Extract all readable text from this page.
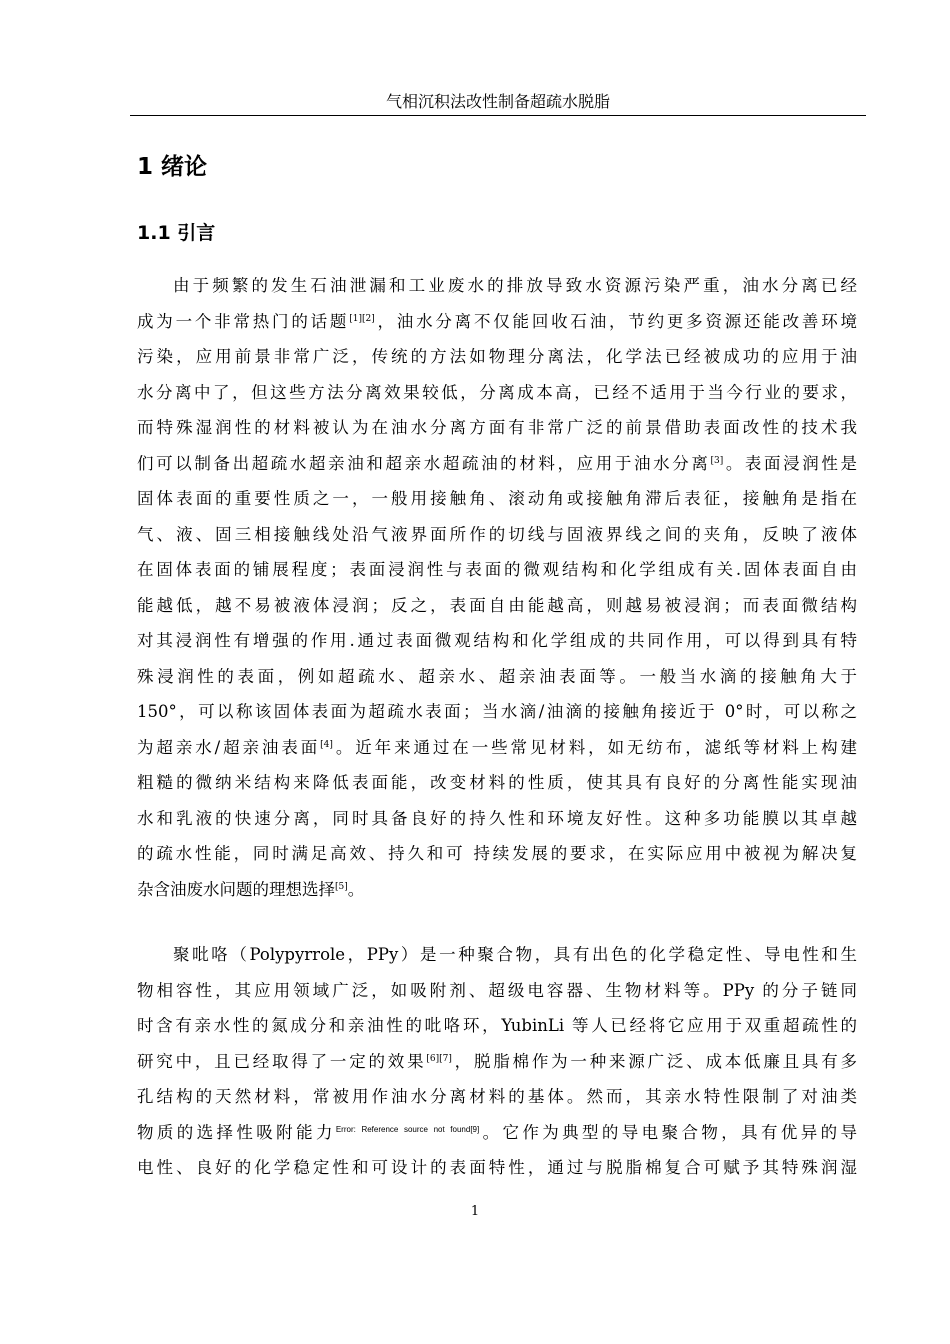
气相沉积法改性制备超疏水脱脂
1 绪论
1.1 引言
由于频繁的发生石油泄漏和工业废水的排放导致水资源污染严重，油水分离已经
成为一个非常热门的话题[1][2]，油水分离不仅能回收石油，节约更多资源还能改善环境
污染，应用前景非常广泛，传统的方法如物理分离法，化学法已经被成功的应用于油
水分离中了，但这些方法分离效果较低，分离成本高，已经不适用于当今行业的要求，
而特殊湿润性的材料被认为在油水分离方面有非常广泛的前景借助表面改性的技术我
们可以制备出超疏水超亲油和超亲水超疏油的材料，应用于油水分离[3]。表面浸润性是
固体表面的重要性质之一，一般用接触角、滚动角或接触角滞后表征，接触角是指在
气、液、固三相接触线处沿气液界面所作的切线与固液界线之间的夹角，反映了液体
在固体表面的铺展程度；表面浸润性与表面的微观结构和化学组成有关.固体表面自由
能越低，越不易被液体浸润；反之，表面自由能越高，则越易被浸润；而表面微结构
对其浸润性有增强的作用.通过表面微观结构和化学组成的共同作用，可以得到具有特
殊浸润性的表面，例如超疏水、超亲水、超亲油表面等。一般当水滴的接触角大于
150°，可以称该固体表面为超疏水表面；当水滴/油滴的接触角接近于 0°时，可以称之
为超亲水/超亲油表面[4]。近年来通过在一些常见材料，如无纺布，滤纸等材料上构建
粗糙的微纳米结构来降低表面能，改变材料的性质，使其具有良好的分离性能实现油
水和乳液的快速分离，同时具备良好的持久性和环境友好性。这种多功能膜以其卓越
的疏水性能，同时满足高效、持久和可 持续发展的要求，在实际应用中被视为解决复
杂含油废水问题的理想选择[5]。
聚吡咯（Polypyrrole，PPy）是一种聚合物，具有出色的化学稳定性、导电性和生
物相容性，其应用领域广泛，如吸附剂、超级电容器、生物材料等。PPy 的分子链同
时含有亲水性的氮成分和亲油性的吡咯环，YubinLi 等人已经将它应用于双重超疏性的
研究中，且已经取得了一定的效果[6][7]，脱脂棉作为一种来源广泛、成本低廉且具有多
孔结构的天然材料，常被用作油水分离材料的基体。然而，其亲水特性限制了对油类
物质的选择性吸附能力$^{Error: Reference source not found[9]}$。它作为典型的导电聚合物，具有优异的导
电性、良好的化学稳定性和可设计的表面特性，通过与脱脂棉复合可赋予其特殊润湿
1
